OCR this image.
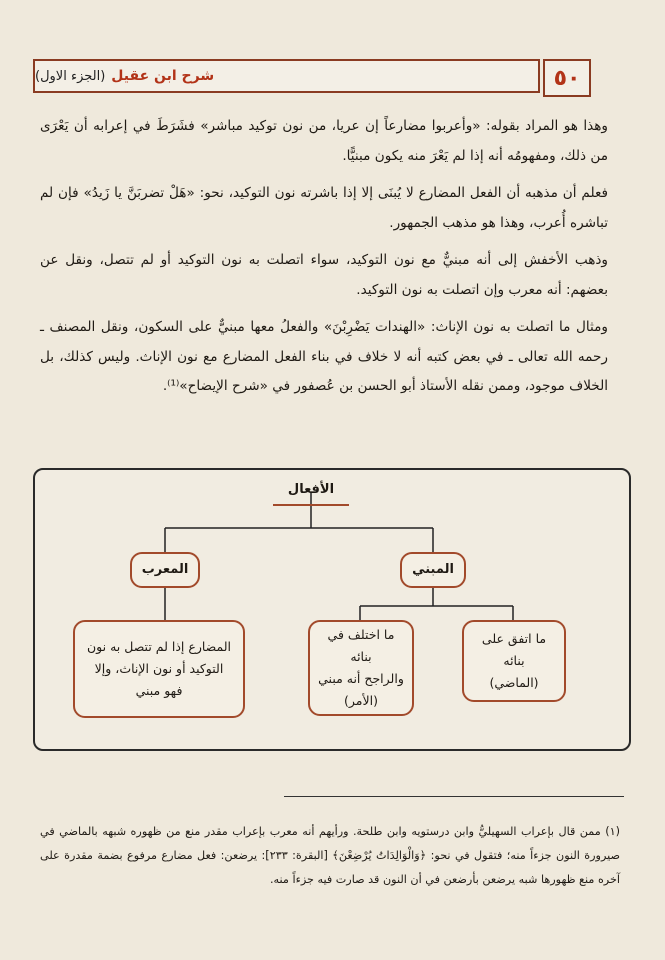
٥٠
شرح ابن عقيل
(الجزء الاول)

وهذا هو المراد بقوله: «وأعربوا مضارعاً إن عريا، من نون توكيد مباشر» فشَرَطَ في إعرابه أن يَعْرَى من ذلك، ومفهومُه أنه إذا لم يَعْرَ منه يكون مبنيًّا.

فعلم أن مذهبه أن الفعل المضارع لا يُبنَى إلا إذا باشرته نون التوكيد، نحو: «هَلْ تضربَنَّ يا زَيدُ» فإن لم تباشره أُعرب، وهذا هو مذهب الجمهور.

وذهب الأخفش إلى أنه مبنيٌّ مع نون التوكيد، سواء اتصلت به نون التوكيد أو لم تتصل، ونقل عن بعضهم: أنه معرب وإن اتصلت به نون التوكيد.

ومثال ما اتصلت به نون الإناث: «الهندات يَضْرِبْنَ» والفعلُ معها مبنيٌّ على السكون، ونقل المصنف ـ رحمه الله تعالى ـ في بعض كتبه أنه لا خلاف في بناء الفعل المضارع مع نون الإناث. وليس كذلك، بل الخلاف موجود، وممن نقله الأستاذ أبو الحسن بن عُصفور في «شرح الإيضاح»⁽¹⁾.

الأفعال
المبني
المعرب
ما اتفق على بنائه
(الماضي)
ما اختلف في بنائه
والراجح أنه مبني
(الأمر)
المضارع إذا لم تتصل به نون
التوكيد أو نون الإناث، وإلا
فهو مبني

(١) ممن قال بإعراب السهيليُّ وابن درستويه وابن طلحة. ورأيهم أنه معرب بإعراب مقدر منع من ظهوره شبهه بالماضي في صيرورة النون جزءاً منه؛ فتقول في نحو: ﴿وَالْوَالِدَاتُ يُرْضِعْنَ﴾ [البقرة: ٢٣٣]: يرضعن: فعل مضارع مرفوع بضمة مقدرة على آخره منع ظهورها شبه يرضعن بأرضعن في أن النون قد صارت فيه جزءاً منه.
